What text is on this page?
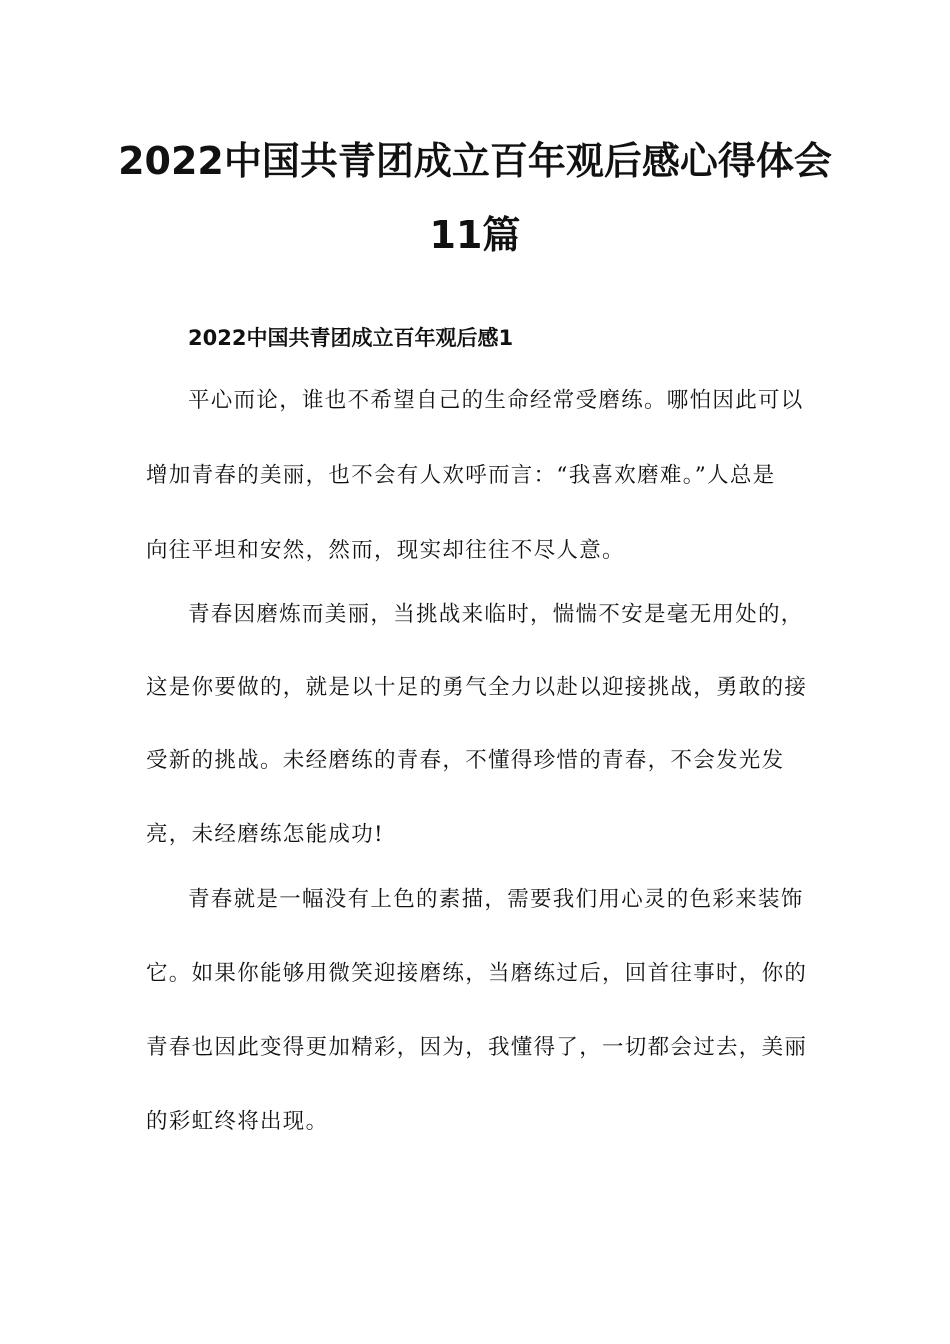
2022中国共青团成立百年观后感心得体会
11篇
2022中国共青团成立百年观后感1
平心而论，谁也不希望自己的生命经常受磨练。哪怕因此可以
增加青春的美丽，也不会有人欢呼而言：“我喜欢磨难。”人总是
向往平坦和安然，然而，现实却往往不尽人意。
青春因磨炼而美丽，当挑战来临时，惴惴不安是毫无用处的，
这是你要做的，就是以十足的勇气全力以赴以迎接挑战，勇敢的接
受新的挑战。未经磨练的青春，不懂得珍惜的青春，不会发光发
亮，未经磨练怎能成功!
青春就是一幅没有上色的素描，需要我们用心灵的色彩来装饰
它。如果你能够用微笑迎接磨练，当磨练过后，回首往事时，你的
青春也因此变得更加精彩，因为，我懂得了，一切都会过去，美丽
的彩虹终将出现。
